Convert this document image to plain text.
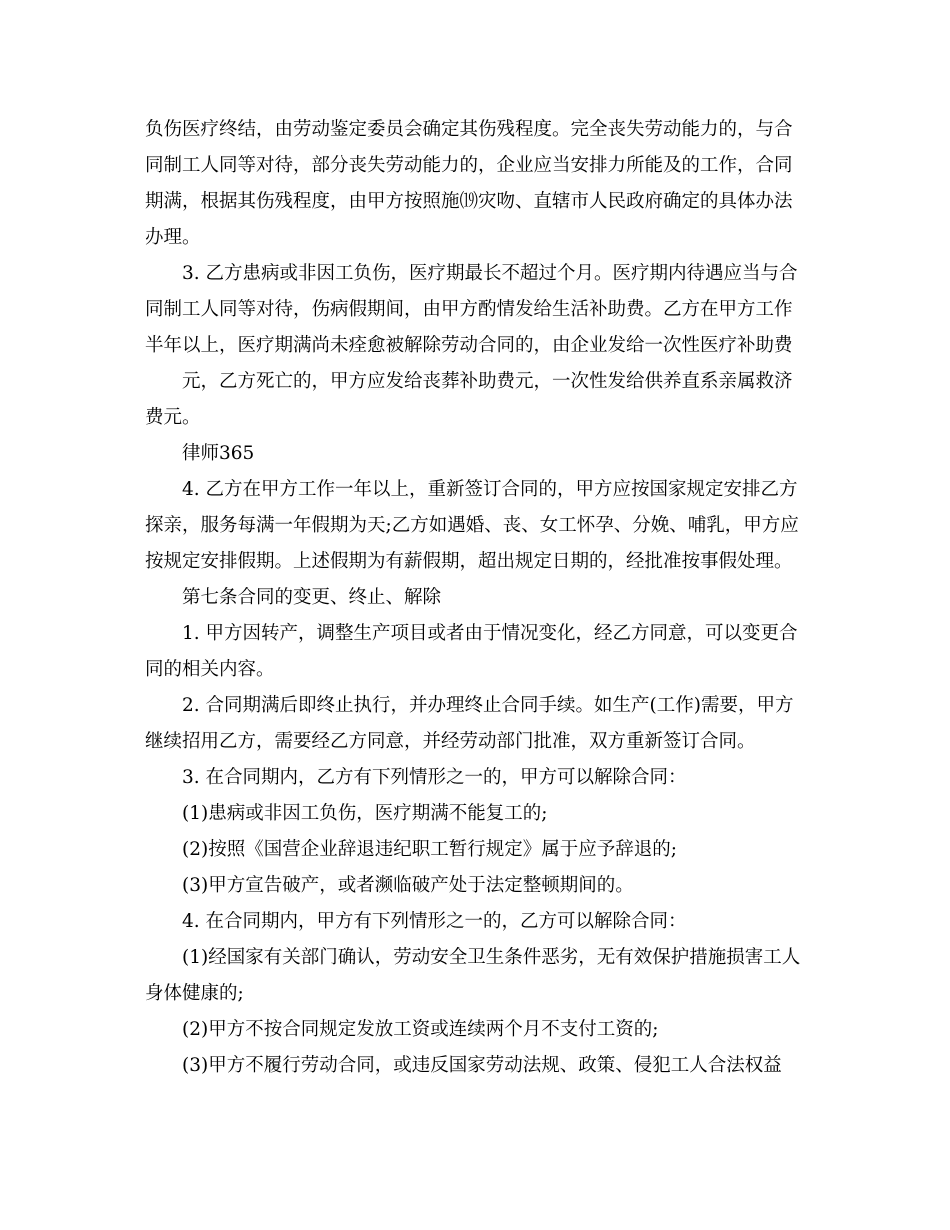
负伤医疗终结，由劳动鉴定委员会确定其伤残程度。完全丧失劳动能力的，与合同制工人同等对待，部分丧失劳动能力的，企业应当安排力所能及的工作，合同期满，根据其伤残程度，由甲方按照施⒆灾吻、直辖市人民政府确定的具体办法办理。

3. 乙方患病或非因工负伤，医疗期最长不超过个月。医疗期内待遇应当与合同制工人同等对待，伤病假期间，由甲方酌情发给生活补助费。乙方在甲方工作半年以上，医疗期满尚未痊愈被解除劳动合同的，由企业发给一次性医疗补助费

元，乙方死亡的，甲方应发给丧葬补助费元，一次性发给供养直系亲属救济费元。

律师365

4. 乙方在甲方工作一年以上，重新签订合同的，甲方应按国家规定安排乙方探亲，服务每满一年假期为天;乙方如遇婚、丧、女工怀孕、分娩、哺乳，甲方应按规定安排假期。上述假期为有薪假期，超出规定日期的，经批准按事假处理。

第七条合同的变更、终止、解除

1. 甲方因转产，调整生产项目或者由于情况变化，经乙方同意，可以变更合同的相关内容。

2. 合同期满后即终止执行，并办理终止合同手续。如生产(工作)需要，甲方继续招用乙方，需要经乙方同意，并经劳动部门批准，双方重新签订合同。

3. 在合同期内，乙方有下列情形之一的，甲方可以解除合同：

(1)患病或非因工负伤，医疗期满不能复工的;

(2)按照《国营企业辞退违纪职工暂行规定》属于应予辞退的;

(3)甲方宣告破产，或者濒临破产处于法定整顿期间的。

4. 在合同期内，甲方有下列情形之一的，乙方可以解除合同：

(1)经国家有关部门确认，劳动安全卫生条件恶劣，无有效保护措施损害工人身体健康的;

(2)甲方不按合同规定发放工资或连续两个月不支付工资的;

(3)甲方不履行劳动合同，或违反国家劳动法规、政策、侵犯工人合法权益
